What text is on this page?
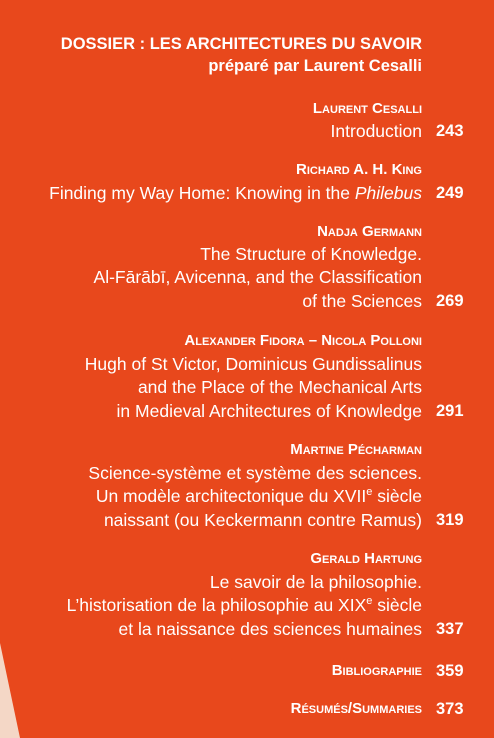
DOSSIER : LES ARCHITECTURES DU SAVOIR
préparé par Laurent Cesalli
Laurent Cesalli
Introduction 243
Richard A. H. King
Finding my Way Home: Knowing in the Philebus 249
Nadja Germann
The Structure of Knowledge.
Al-Fārābī, Avicenna, and the Classification
of the Sciences 269
Alexander Fidora – Nicola Polloni
Hugh of St Victor, Dominicus Gundissalinus
and the Place of the Mechanical Arts
in Medieval Architectures of Knowledge 291
Martine Pécharman
Science-système et système des sciences.
Un modèle architectonique du XVIIe siècle
naissant (ou Keckermann contre Ramus) 319
Gerald Hartung
Le savoir de la philosophie.
L’historisation de la philosophie au XIXe siècle
et la naissance des sciences humaines 337
Bibliographie 359
Résumés/Summaries 373
